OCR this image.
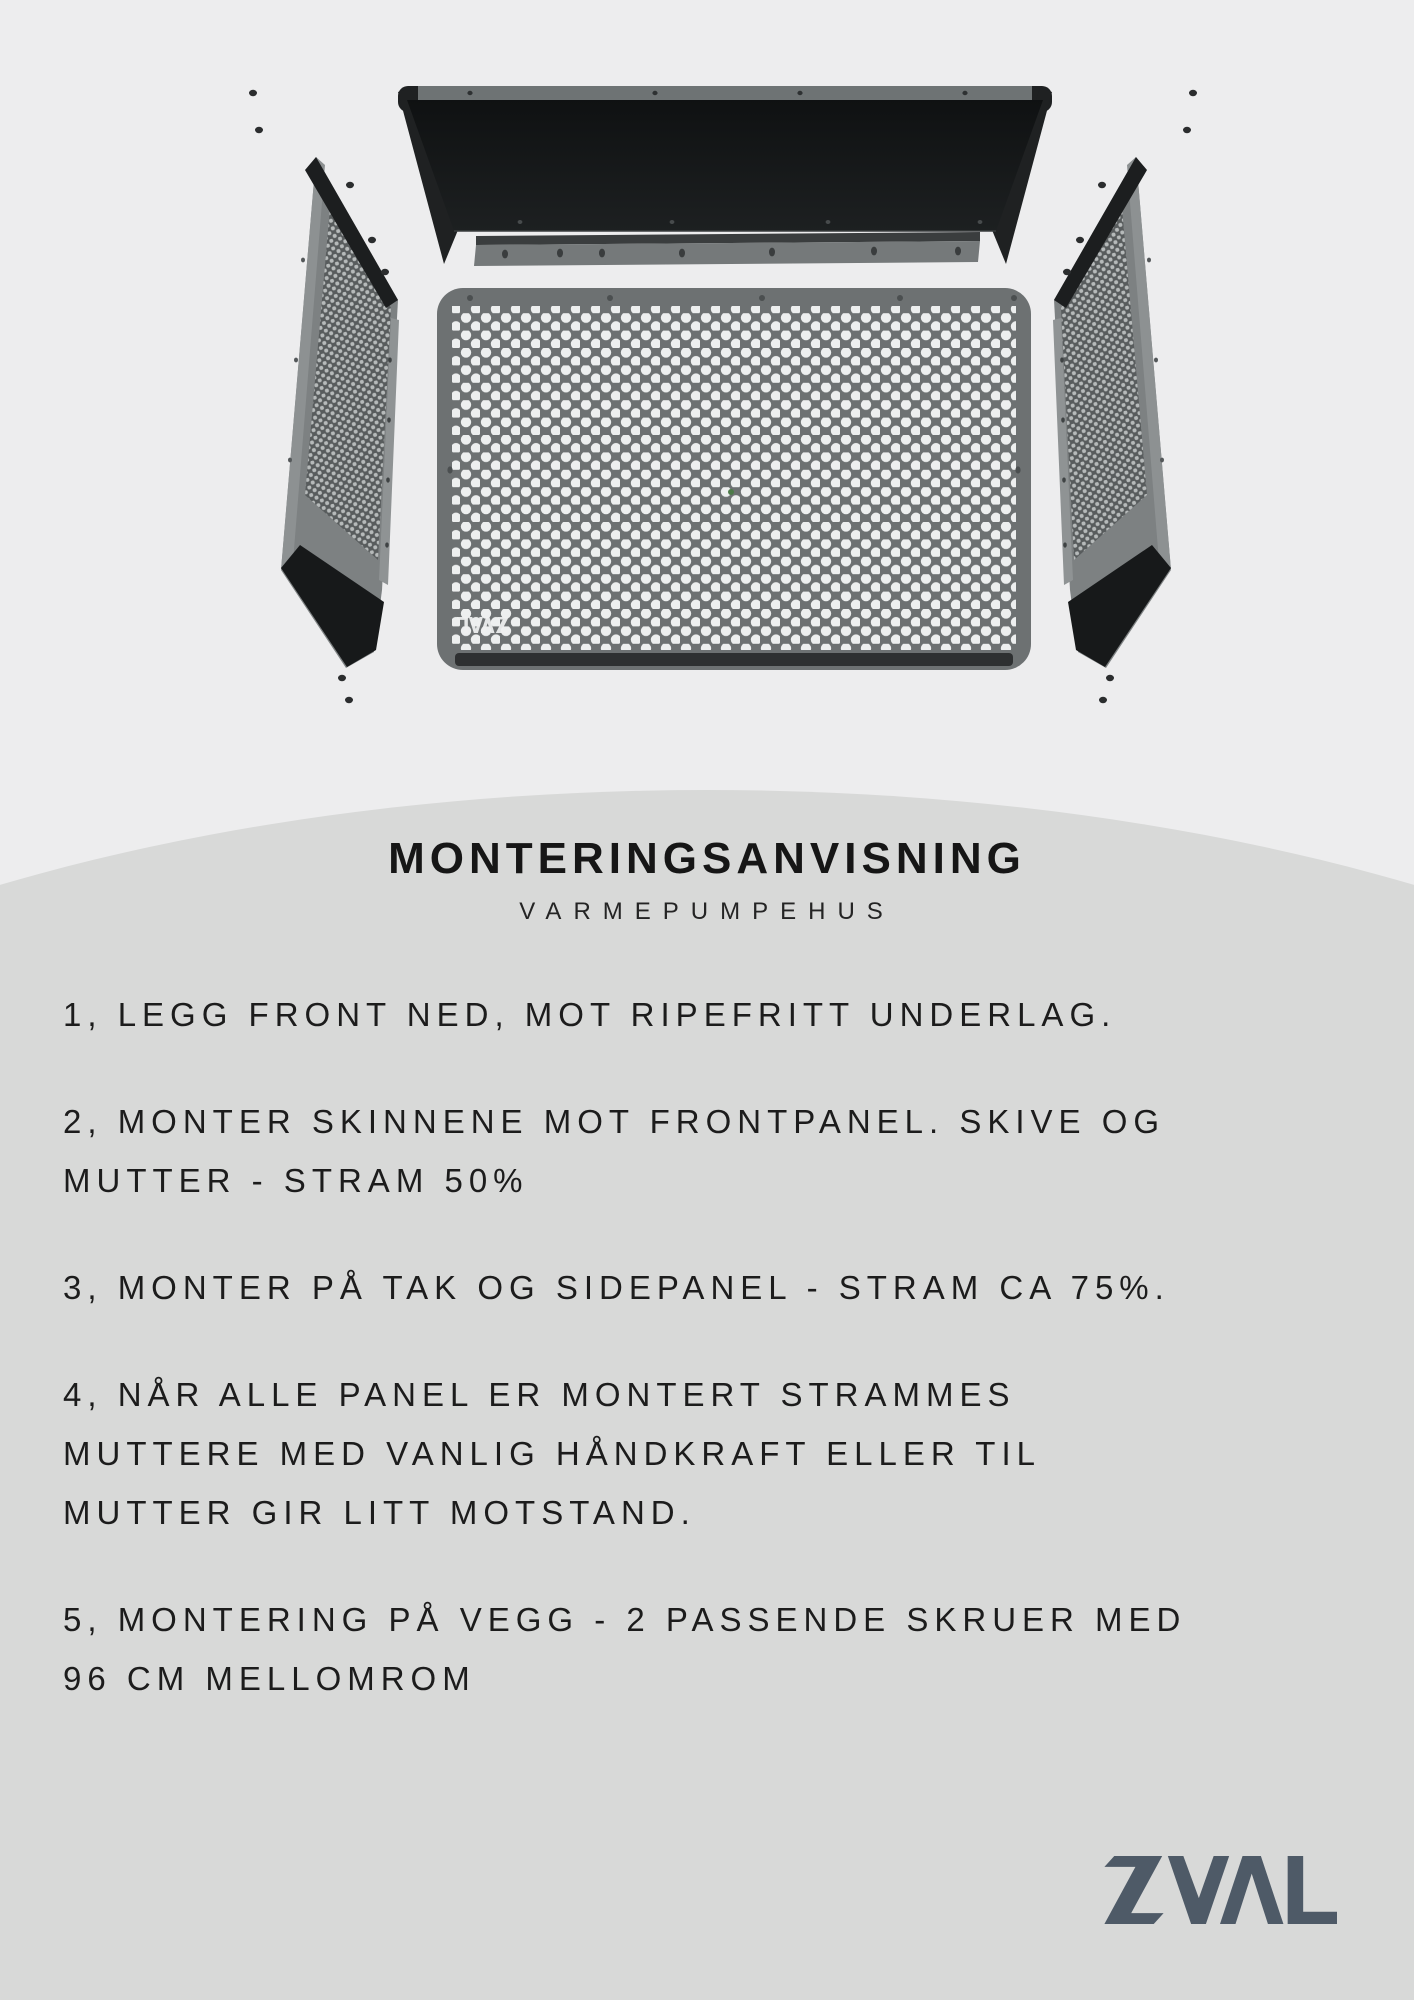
MONTERINGSANVISNING
VARMEPUMPEHUS

1, LEGG FRONT NED, MOT RIPEFRITT UNDERLAG.

2, MONTER SKINNENE MOT FRONTPANEL. SKIVE OG
MUTTER - STRAM 50%

3, MONTER PÅ TAK OG SIDEPANEL - STRAM CA 75%.

4, NÅR ALLE PANEL ER MONTERT STRAMMES
MUTTERE MED VANLIG HÅNDKRAFT ELLER TIL
MUTTER GIR LITT MOTSTAND.

5, MONTERING PÅ VEGG - 2 PASSENDE SKRUER MED
96 CM MELLOMROM
